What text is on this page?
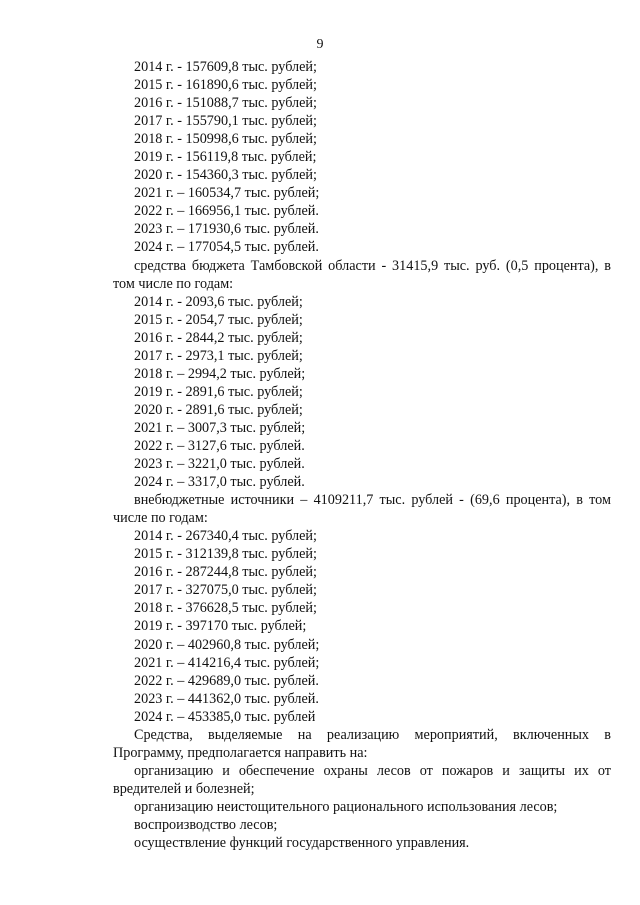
9
2014 г. - 157609,8 тыс. рублей;
2015 г. - 161890,6 тыс. рублей;
2016 г. - 151088,7 тыс. рублей;
2017 г. - 155790,1 тыс. рублей;
2018 г. - 150998,6 тыс. рублей;
2019 г. - 156119,8 тыс. рублей;
2020 г. - 154360,3 тыс. рублей;
2021 г. – 160534,7 тыс. рублей;
2022 г. – 166956,1 тыс. рублей.
2023 г. – 171930,6 тыс. рублей.
2024 г. – 177054,5 тыс. рублей.
средства бюджета Тамбовской области - 31415,9 тыс. руб. (0,5 процента), в том числе по годам:
2014 г. - 2093,6 тыс. рублей;
2015 г. - 2054,7 тыс. рублей;
2016 г. - 2844,2 тыс. рублей;
2017 г. - 2973,1 тыс. рублей;
2018 г. – 2994,2 тыс. рублей;
2019 г. - 2891,6 тыс. рублей;
2020 г. - 2891,6 тыс. рублей;
2021 г. – 3007,3 тыс. рублей;
2022 г. – 3127,6 тыс. рублей.
2023 г. – 3221,0 тыс. рублей.
2024 г. – 3317,0 тыс. рублей.
внебюджетные источники – 4109211,7 тыс. рублей - (69,6 процента), в том числе по годам:
2014 г. - 267340,4 тыс. рублей;
2015 г. - 312139,8 тыс. рублей;
2016 г. - 287244,8 тыс. рублей;
2017 г. - 327075,0 тыс. рублей;
2018 г. - 376628,5 тыс. рублей;
2019 г. - 397170 тыс. рублей;
2020 г. – 402960,8 тыс. рублей;
2021 г. – 414216,4 тыс. рублей;
2022 г. – 429689,0 тыс. рублей.
2023 г. – 441362,0 тыс. рублей.
2024 г. – 453385,0 тыс. рублей
Средства, выделяемые на реализацию мероприятий, включенных в Программу, предполагается направить на:
организацию и обеспечение охраны лесов от пожаров и защиты их от вредителей и болезней;
организацию неистощительного рационального использования лесов;
воспроизводство лесов;
осуществление функций государственного управления.
